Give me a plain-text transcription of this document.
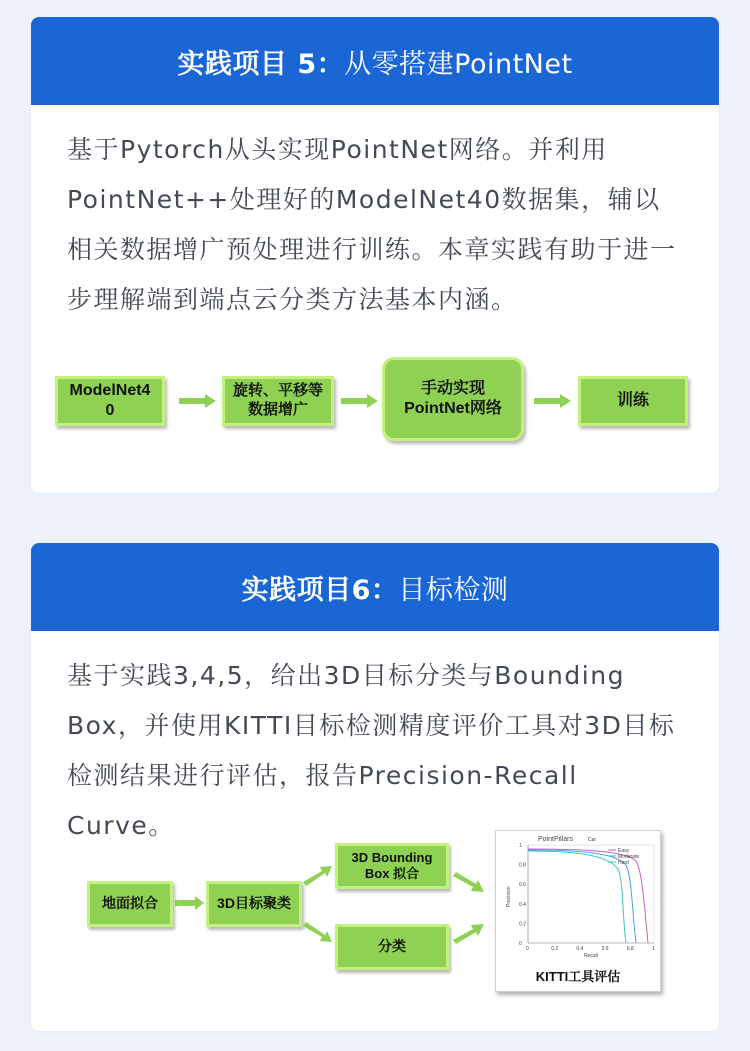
实践项目 5： 从零搭建PointNet
基于Pytorch从头实现PointNet网络。并利用PointNet++处理好的ModelNet40数据集，辅以相关数据增广预处理进行训练。本章实践有助于进一步理解端到端点云分类方法基本内涵。
ModelNet40
旋转、平移等数据增广
手动实现PointNet网络	训练
实践项目6： 目标检测
基于实践3,4,5，给出3D目标分类与Bounding Box，并使用KITTI目标检测精度评价工具对3D目标检测结果进行评估，报告Precision-Recall Curve。
地面拟合	3D目标聚类
3D Bounding Box 拟合
分类
PointPillars	Car
0	0.2	0.4	0.6	0.8	1
0
0.2
0.4
0.6
0.8
1
Recall
Precision
Easy
Moderate
Hard
KITTI工具评估
